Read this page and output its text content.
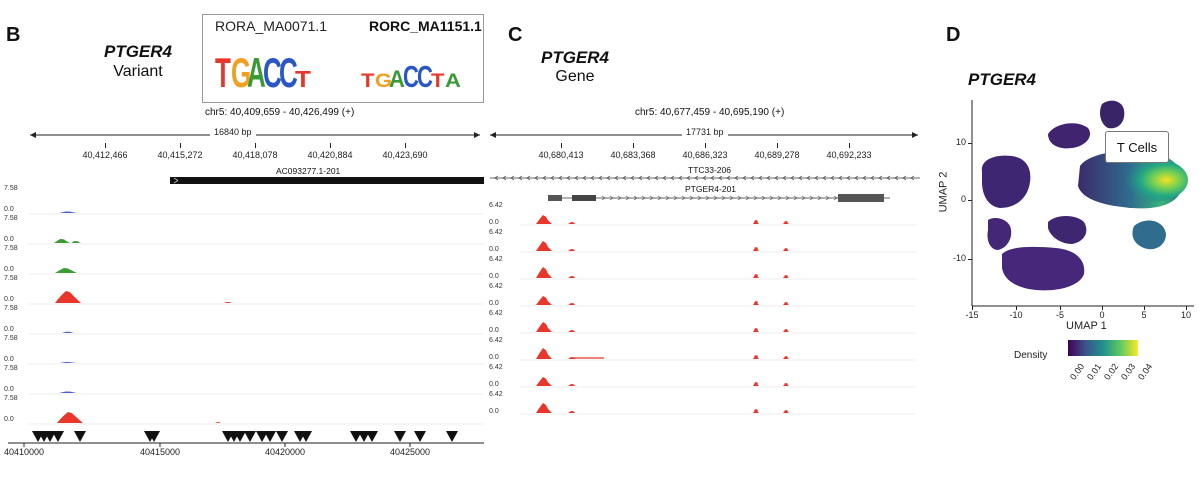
B
PTGER4
Variant
RORA_MA0071.1	RORC_MA1151.1
T G
A
C
C
T T G
A
C
C
T A
chr5: 40,409,659 - 40,426,499 (+)
16840 bp
40,412,466	40,415,272	40,418,078	40,420,884	40,423,690
AC093277.1-201
7.58
0.0
7.58
0.0
7.58
0.0
7.58
0.0
7.58
0.0
7.58
0.0
7.58
0.0
7.58
0.0
40410000	40415000	40420000	40425000
C
PTGER4
Gene
chr5: 40,677,459 - 40,695,190 (+)
17731 bp
40,680,413	40,683,368	40,686,323	40,689,278	40,692,233
TTC33-206
PTGER4-201
6.42
0.0
6.42
0.0
6.42
0.0
6.42
0.0
6.42
0.0
6.42
0.0
6.42
0.0
6.42
0.0
D
PTGER4
T Cells
-15	-10	-5	0	5	10
10
0
-10
UMAP 1
UMAP 2
Density
0.00
0.01
0.02
0.03
0.04
